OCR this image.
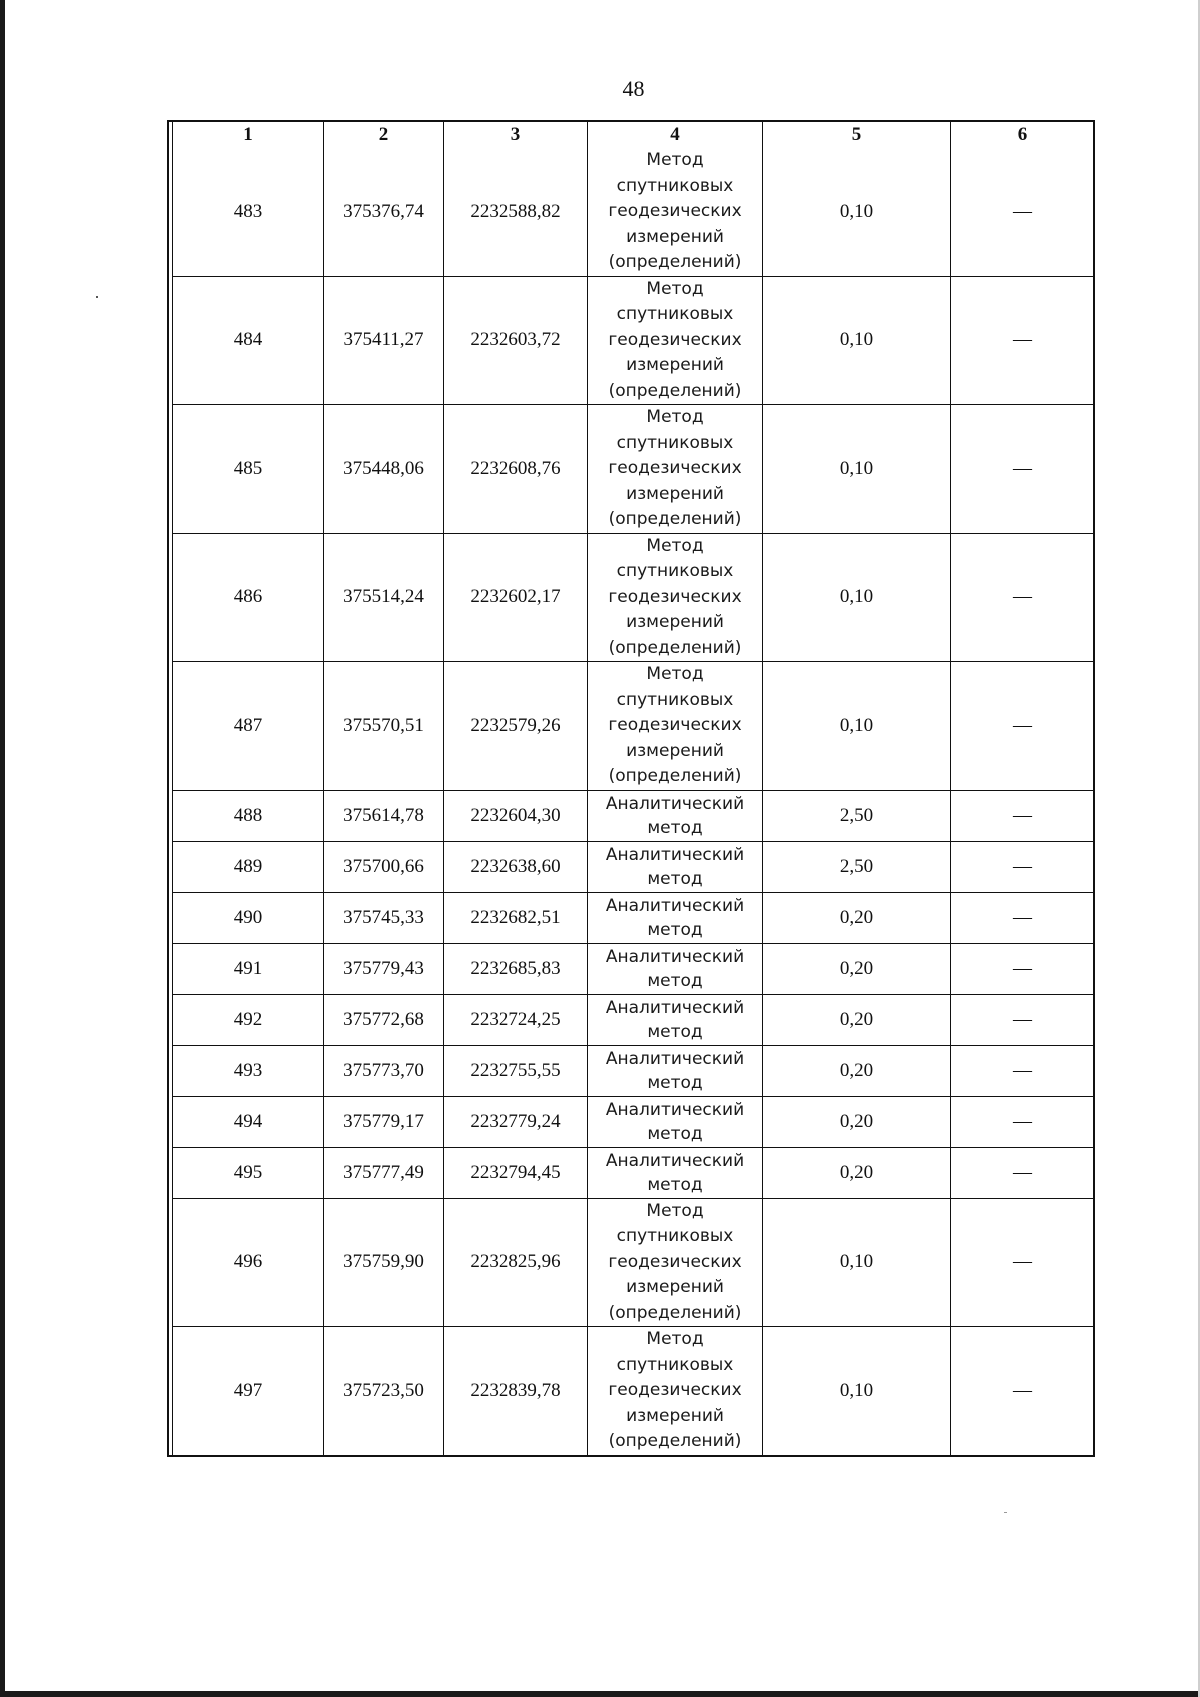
48
1	2	3	4	5	6
483	375376,74	2232588,82	Метод
спутниковых
геодезических
измерений
(определений)	0,10	—
484	375411,27	2232603,72	Метод
спутниковых
геодезических
измерений
(определений)	0,10	—
485	375448,06	2232608,76	Метод
спутниковых
геодезических
измерений
(определений)	0,10	—
486	375514,24	2232602,17	Метод
спутниковых
геодезических
измерений
(определений)	0,10	—
487	375570,51	2232579,26	Метод
спутниковых
геодезических
измерений
(определений)	0,10	—
488	375614,78	2232604,30	Аналитический
метод	2,50	—
489	375700,66	2232638,60	Аналитический
метод	2,50	—
490	375745,33	2232682,51	Аналитический
метод	0,20	—
491	375779,43	2232685,83	Аналитический
метод	0,20	—
492	375772,68	2232724,25	Аналитический
метод	0,20	—
493	375773,70	2232755,55	Аналитический
метод	0,20	—
494	375779,17	2232779,24	Аналитический
метод	0,20	—
495	375777,49	2232794,45	Аналитический
метод	0,20	—
496	375759,90	2232825,96	Метод
спутниковых
геодезических
измерений
(определений)	0,10	—
497	375723,50	2232839,78	Метод
спутниковых
геодезических
измерений
(определений)	0,10	—
